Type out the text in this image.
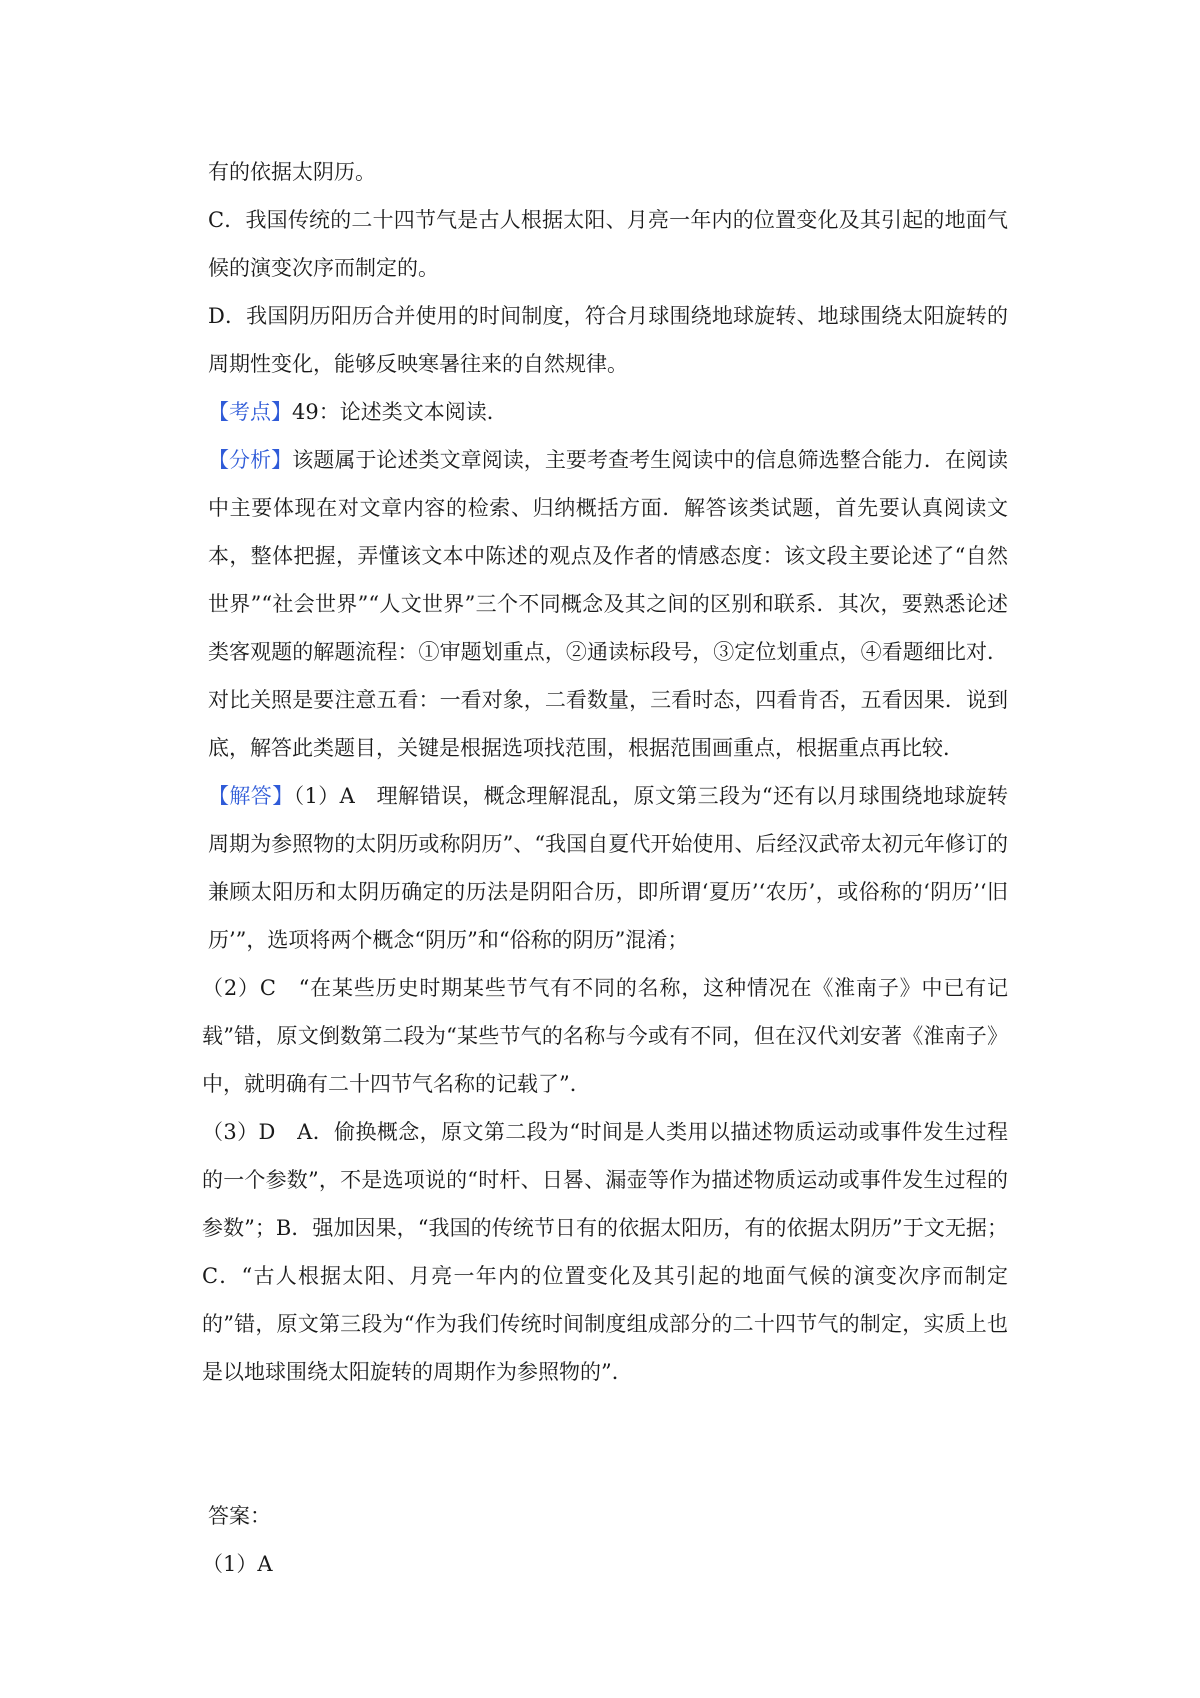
有的依据太阴历。

C．我国传统的二十四节气是古人根据太阳、月亮一年内的位置变化及其引起的地面气候的演变次序而制定的。

D．我国阴历阳历合并使用的时间制度，符合月球围绕地球旋转、地球围绕太阳旋转的周期性变化，能够反映寒暑往来的自然规律。

【考点】49：论述类文本阅读．

【分析】该题属于论述类文章阅读，主要考查考生阅读中的信息筛选整合能力．在阅读中主要体现在对文章内容的检索、归纳概括方面．解答该类试题，首先要认真阅读文本，整体把握，弄懂该文本中陈述的观点及作者的情感态度：该文段主要论述了“自然世界”“社会世界”“人文世界”三个不同概念及其之间的区别和联系．其次，要熟悉论述类客观题的解题流程：①审题划重点，②通读标段号，③定位划重点，④看题细比对．对比关照是要注意五看：一看对象，二看数量，三看时态，四看肯否，五看因果．说到底，解答此类题目，关键是根据选项找范围，根据范围画重点，根据重点再比较．

【解答】（1）A　理解错误，概念理解混乱，原文第三段为“还有以月球围绕地球旋转周期为参照物的太阴历或称阴历”、“我国自夏代开始使用、后经汉武帝太初元年修订的兼顾太阳历和太阴历确定的历法是阴阳合历，即所谓‘夏历’‘农历’，或俗称的‘阴历’‘旧历’”，选项将两个概念“阴历”和“俗称的阴历”混淆；

（2）C　“在某些历史时期某些节气有不同的名称，这种情况在《淮南子》中已有记载”错，原文倒数第二段为“某些节气的名称与今或有不同，但在汉代刘安著《淮南子》中，就明确有二十四节气名称的记载了”．

（3）D　A．偷换概念，原文第二段为“时间是人类用以描述物质运动或事件发生过程的一个参数”，不是选项说的“时杆、日晷、漏壶等作为描述物质运动或事件发生过程的参数”；B．强加因果，“我国的传统节日有的依据太阳历，有的依据太阴历”于文无据；C．“古人根据太阳、月亮一年内的位置变化及其引起的地面气候的演变次序而制定的”错，原文第三段为“作为我们传统时间制度组成部分的二十四节气的制定，实质上也是以地球围绕太阳旋转的周期作为参照物的”．

答案：

（1）A
